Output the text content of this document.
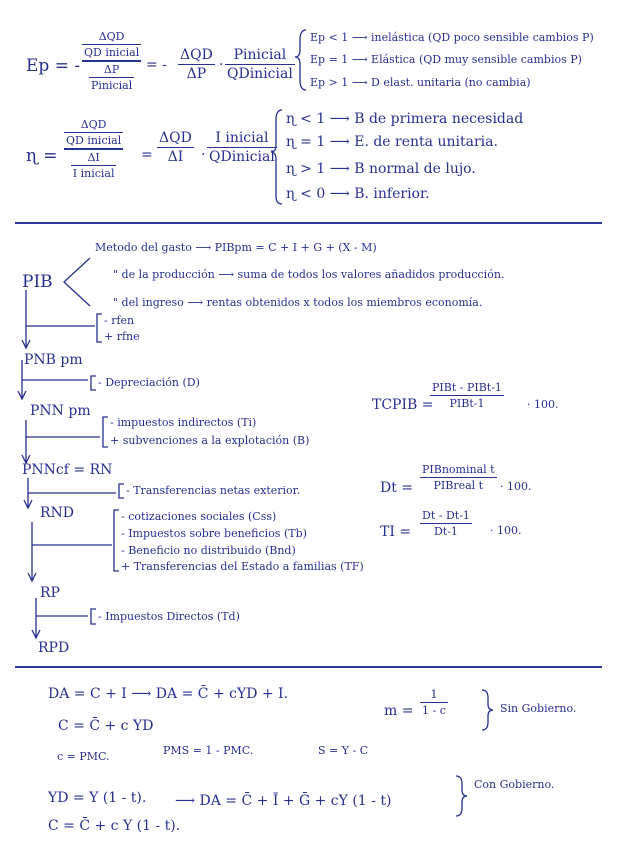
Ep = -
$\frac{\text{ΔQD}}{\text{QD inicial}}$
$\frac{\Delta P}{\text{Pinicial}}$ = -
ΔQD
ΔP
·
Pinicial
QDinicial
Ep < 1 ⟶ inelástica (QD poco sensible cambios P)
Ep = 1 ⟶ Elástica (QD muy sensible cambios P)
Ep > 1 ⟶ D elast. unitaria (no cambia)
ɳ =
$\frac{\text{ΔQD}}{\text{QD inicial}}$
$\frac{\Delta I}{\text{I inicial}}$ =
ΔQD
ΔI ·
I inicial
QDinicial
ɳ < 1 ⟶ B de primera necesidad
ɳ = 1 ⟶ E. de renta unitaria.
ɳ > 1 ⟶ B normal de lujo.
ɳ < 0 ⟶ B. inferior.
PIB
Metodo del gasto ⟶ PIBpm = C + I + G + (X - M)
" de la producción ⟶ suma de todos los valores añadidos producción.
" del ingreso ⟶ rentas obtenidos x todos los miembros economía.
- rfen
+ rfne
PNB pm
- Depreciación (D)
PNN pm
- impuestos indirectos (Ti)
+ subvenciones a la explotación (B)
PNNcf = RN
- Transferencias netas exterior.
RND	- cotizaciones sociales (Css)
- Impuestos sobre beneficios (Tb)
- Beneficio no distribuido (Bnd)
+ Transferencias del Estado a familias (TF)
RP
- Impuestos Directos (Td)
RPD
TCPIB =
PIBt - PIBt-1
PIBt-1	· 100.
Dt =
PIBnominal t
PIBreal t · 100.
TI =
Dt - Dt-1
Dt-1	· 100.
DA = C + I ⟶ DA = C̄ + cYD + I.
C = C̄ + c YD
c = PMC.	PMS = 1 - PMC.	S = Y - C
m =
1
1 - c	Sin Gobierno.
YD = Y (1 - t). ⟶ DA = C̄ + Ī + Ḡ + cY (1 - t)
Con Gobierno.
C = C̄ + c Y (1 - t).
